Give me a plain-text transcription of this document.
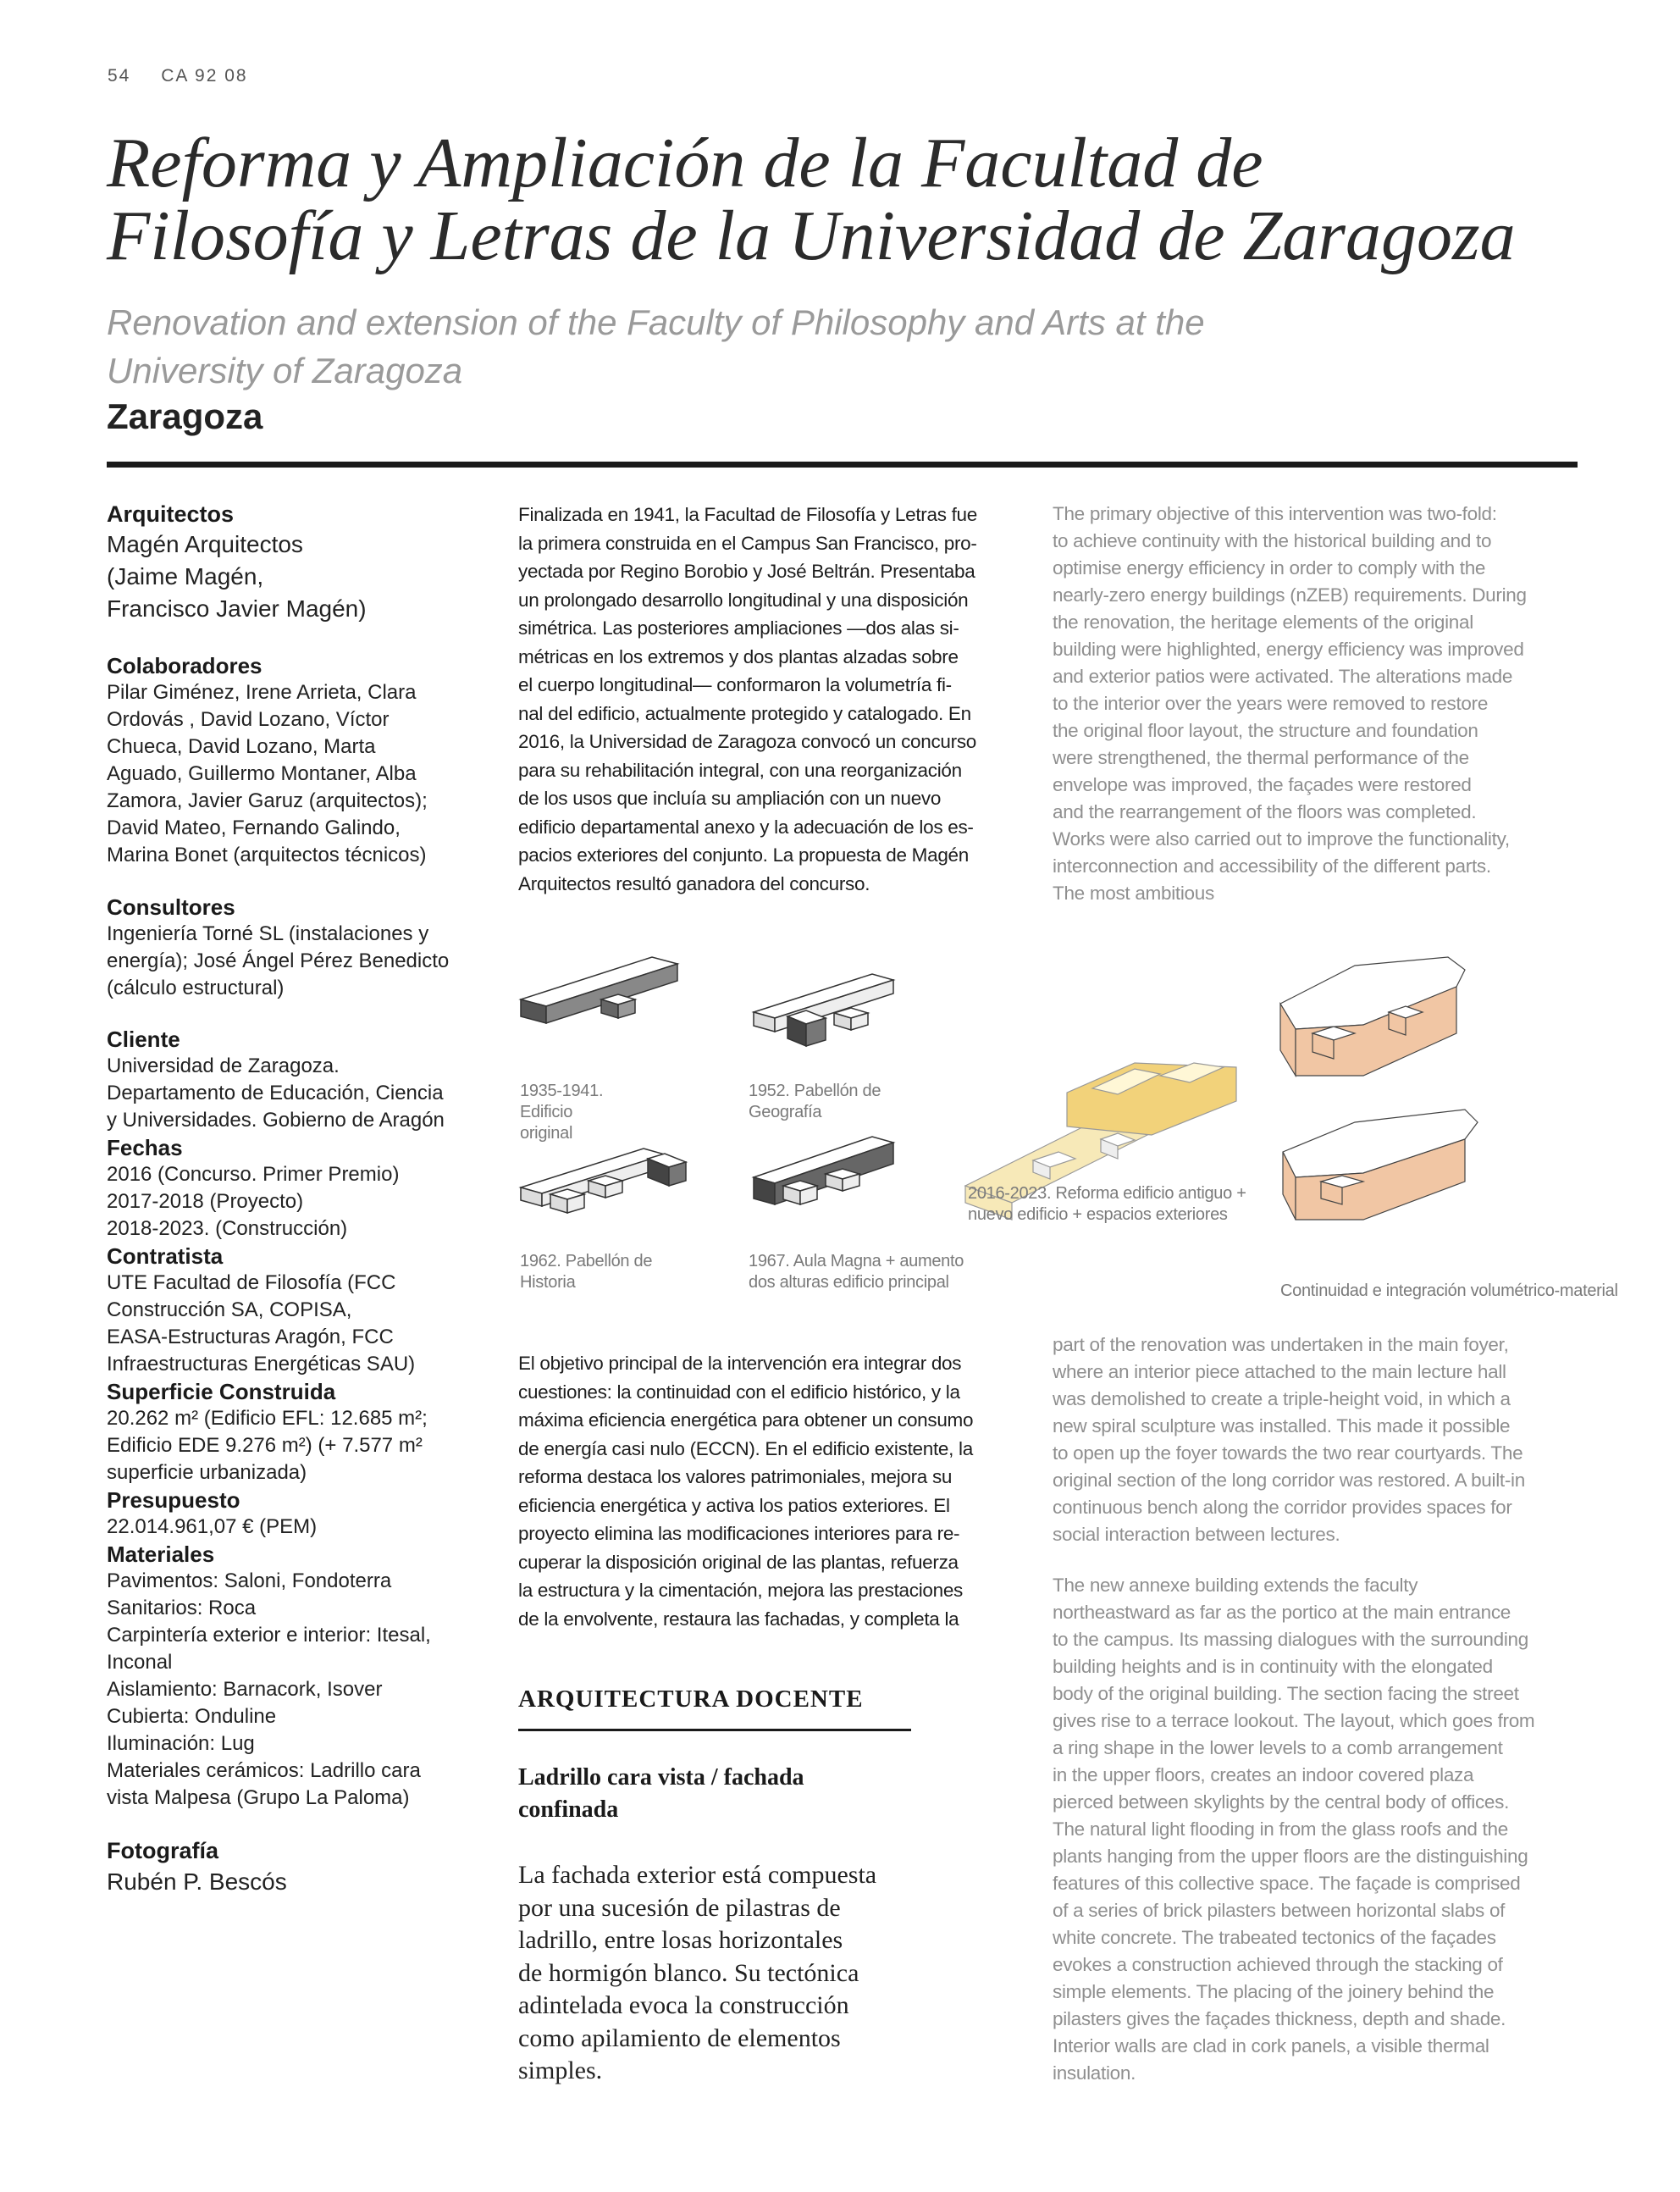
54 CA 92 08
Reforma y Ampliación de la Facultad de
Filosofía y Letras de la Universidad de Zaragoza
Renovation and extension of the Faculty of Philosophy and Arts at the
University of Zaragoza
Zaragoza
Arquitectos
Magén Arquitectos
(Jaime Magén,
Francisco Javier Magén)
Colaboradores
Pilar Giménez, Irene Arrieta, Clara
Ordovás , David Lozano, Víctor
Chueca, David Lozano, Marta
Aguado, Guillermo Montaner, Alba
Zamora, Javier Garuz (arquitectos);
David Mateo, Fernando Galindo,
Marina Bonet (arquitectos técnicos)
Consultores
Ingeniería Torné SL (instalaciones y
energía); José Ángel Pérez Benedicto
(cálculo estructural)
Cliente
Universidad de Zaragoza.
Departamento de Educación, Ciencia
y Universidades. Gobierno de Aragón
Fechas
2016 (Concurso. Primer Premio)
2017-2018 (Proyecto)
2018-2023. (Construcción)
Contratista
UTE Facultad de Filosofía (FCC
Construcción SA, COPISA,
EASA-Estructuras Aragón, FCC
Infraestructuras Energéticas SAU)
Superficie Construida
20.262 m² (Edificio EFL: 12.685 m²;
Edificio EDE 9.276 m²) (+ 7.577 m²
superficie urbanizada)
Presupuesto
22.014.961,07 € (PEM)
Materiales
Pavimentos: Saloni, Fondoterra
Sanitarios: Roca
Carpintería exterior e interior: Itesal,
Inconal
Aislamiento: Barnacork, Isover
Cubierta: Onduline
Iluminación: Lug
Materiales cerámicos: Ladrillo cara
vista Malpesa (Grupo La Paloma)
Fotografía
Rubén P. Bescós
Finalizada en 1941, la Facultad de Filosofía y Letras fue
la primera construida en el Campus San Francisco, pro-
yectada por Regino Borobio y José Beltrán. Presentaba
un prolongado desarrollo longitudinal y una disposición
simétrica. Las posteriores ampliaciones —dos alas si-
métricas en los extremos y dos plantas alzadas sobre
el cuerpo longitudinal— conformaron la volumetría fi-
nal del edificio, actualmente protegido y catalogado. En
2016, la Universidad de Zaragoza convocó un concurso
para su rehabilitación integral, con una reorganización
de los usos que incluía su ampliación con un nuevo
edificio departamental anexo y la adecuación de los es-
pacios exteriores del conjunto. La propuesta de Magén
Arquitectos resultó ganadora del concurso.
El objetivo principal de la intervención era integrar dos
cuestiones: la continuidad con el edificio histórico, y la
máxima eficiencia energética para obtener un consumo
de energía casi nulo (ECCN). En el edificio existente, la
reforma destaca los valores patrimoniales, mejora su
eficiencia energética y activa los patios exteriores. El
proyecto elimina las modificaciones interiores para re-
cuperar la disposición original de las plantas, refuerza
la estructura y la cimentación, mejora las prestaciones
de la envolvente, restaura las fachadas, y completa la
The primary objective of this intervention was two-fold:
to achieve continuity with the historical building and to
optimise energy efficiency in order to comply with the
nearly-zero energy buildings (nZEB) requirements. During
the renovation, the heritage elements of the original
building were highlighted, energy efficiency was improved
and exterior patios were activated. The alterations made
to the interior over the years were removed to restore
the original floor layout, the structure and foundation
were strengthened, the thermal performance of the
envelope was improved, the façades were restored
and the rearrangement of the floors was completed.
Works were also carried out to improve the functionality,
interconnection and accessibility of the different parts.
The most ambitious
part of the renovation was undertaken in the main foyer,
where an interior piece attached to the main lecture hall
was demolished to create a triple-height void, in which a
new spiral sculpture was installed. This made it possible
to open up the foyer towards the two rear courtyards. The
original section of the long corridor was restored. A built-in
continuous bench along the corridor provides spaces for
social interaction between lectures.
The new annexe building extends the faculty
northeastward as far as the portico at the main entrance
to the campus. Its massing dialogues with the surrounding
building heights and is in continuity with the elongated
body of the original building. The section facing the street
gives rise to a terrace lookout. The layout, which goes from
a ring shape in the lower levels to a comb arrangement
in the upper floors, creates an indoor covered plaza
pierced between skylights by the central body of offices.
The natural light flooding in from the glass roofs and the
plants hanging from the upper floors are the distinguishing
features of this collective space. The façade is comprised
of a series of brick pilasters between horizontal slabs of
white concrete. The trabeated tectonics of the façades
evokes a construction achieved through the stacking of
simple elements. The placing of the joinery behind the
pilasters gives the façades thickness, depth and shade.
Interior walls are clad in cork panels, a visible thermal
insulation.
1935-1941. Edificio
original
1952. Pabellón de
Geografía
1962. Pabellón de
Historia
1967. Aula Magna + aumento
dos alturas edificio principal
2016-2023. Reforma edificio antiguo +
nuevo edificio + espacios exteriores
Continuidad e integración volumétrico-material
ARQUITECTURA DOCENTE
Ladrillo cara vista / fachada
confinada
La fachada exterior está compuesta
por una sucesión de pilastras de
ladrillo, entre losas horizontales
de hormigón blanco. Su tectónica
adintelada evoca la construcción
como apilamiento de elementos
simples.
